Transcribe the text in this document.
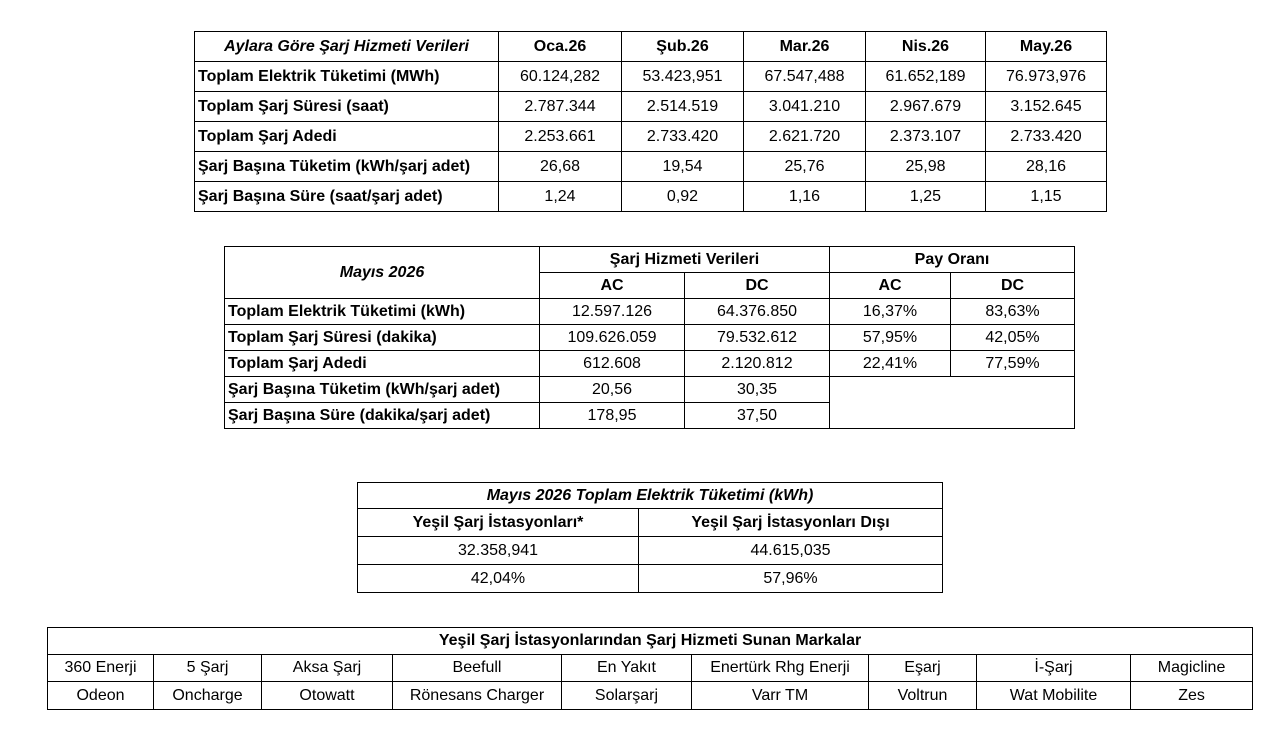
Aylara Göre Şarj Hizmeti Verileri	Oca.26	Şub.26	Mar.26	Nis.26	May.26
Toplam Elektrik Tüketimi (MWh)	60.124,282	53.423,951	67.547,488	61.652,189	76.973,976
Toplam Şarj Süresi (saat)	2.787.344	2.514.519	3.041.210	2.967.679	3.152.645
Toplam Şarj Adedi	2.253.661	2.733.420	2.621.720	2.373.107	2.733.420
Şarj Başına Tüketim (kWh/şarj adet)	26,68	19,54	25,76	25,98	28,16
Şarj Başına Süre (saat/şarj adet)	1,24	0,92	1,16	1,25	1,15
Mayıs 2026	Şarj Hizmeti Verileri		Pay Oranı	
	AC	DC	AC	DC
Toplam Elektrik Tüketimi (kWh)	12.597.126	64.376.850	16,37%	83,63%
Toplam Şarj Süresi (dakika)	109.626.059	79.532.612	57,95%	42,05%
Toplam Şarj Adedi	612.608	2.120.812	22,41%	77,59%
Şarj Başına Tüketim (kWh/şarj adet)	20,56	30,35		
Şarj Başına Süre (dakika/şarj adet)	178,95	37,50		
Mayıs 2026 Toplam Elektrik Tüketimi (kWh)	
Yeşil Şarj İstasyonları*	Yeşil Şarj İstasyonları Dışı
32.358,941	44.615,035
42,04%	57,96%
Yeşil Şarj İstasyonlarından Şarj Hizmeti Sunan Markalar								
360 Enerji	5 Şarj	Aksa Şarj	Beefull	En Yakıt	Enertürk Rhg Enerji	Eşarj	İ-Şarj	Magicline
Odeon	Oncharge	Otowatt	Rönesans Charger	Solarşarj	Varr TM	Voltrun	Wat Mobilite	Zes
